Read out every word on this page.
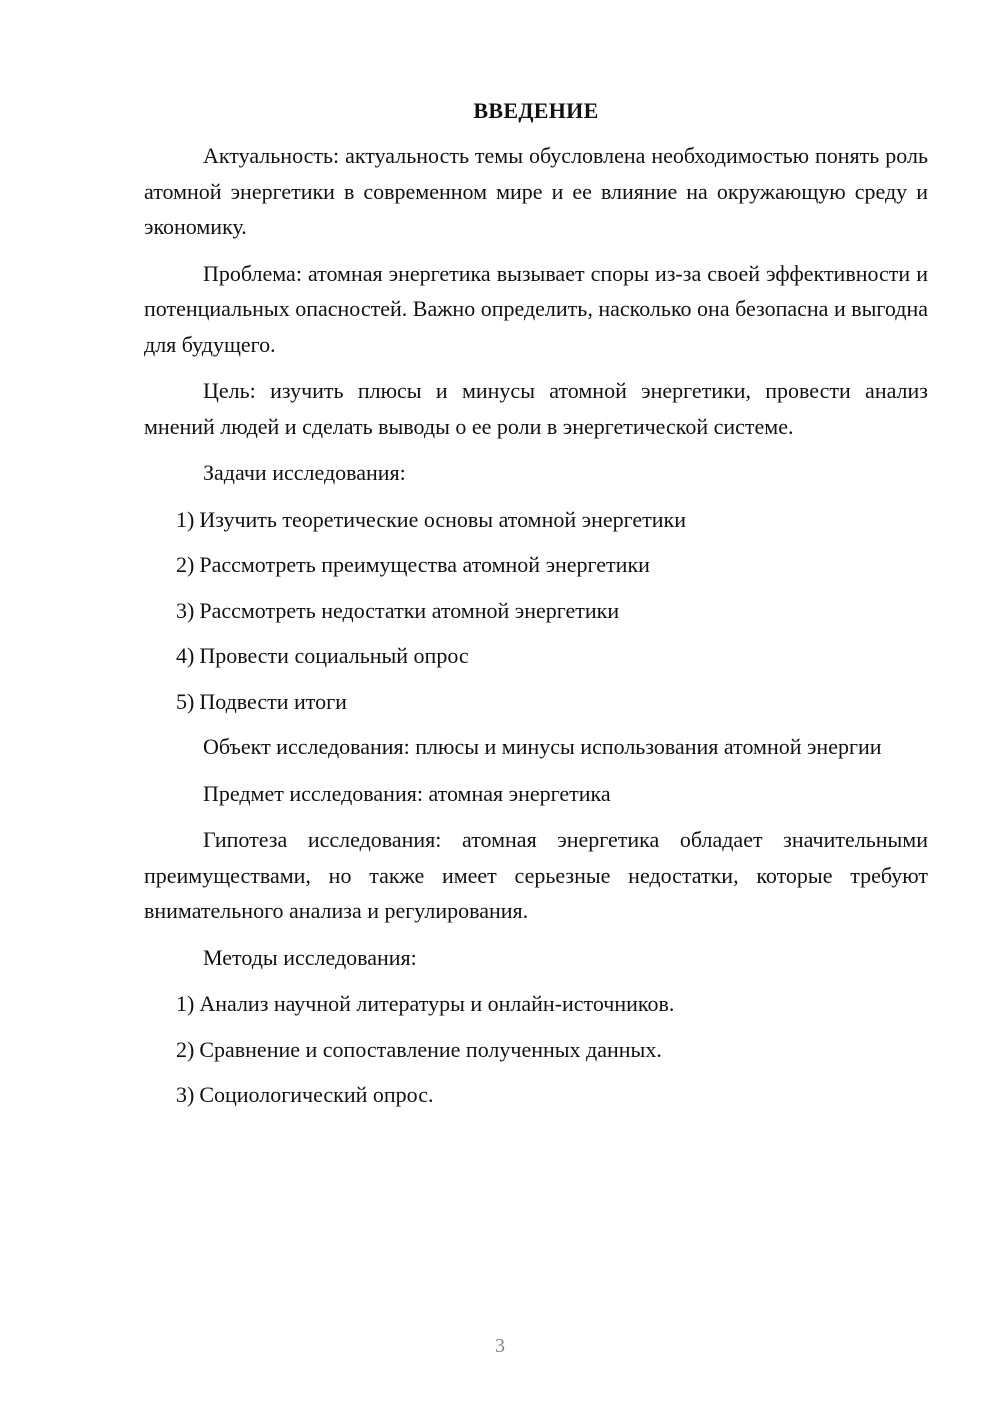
ВВЕДЕНИЕ

Актуальность: актуальность темы обусловлена необходимостью понять роль атомной энергетики в современном мире и ее влияние на окружающую среду и экономику.

Проблема: атомная энергетика вызывает споры из-за своей эффективности и потенциальных опасностей. Важно определить, насколько она безопасна и выгодна для будущего.

Цель: изучить плюсы и минусы атомной энергетики, провести анализ мнений людей и сделать выводы о ее роли в энергетической системе.

Задачи исследования:

1) Изучить теоретические основы атомной энергетики

2) Рассмотреть преимущества атомной энергетики

3) Рассмотреть недостатки атомной энергетики

4) Провести социальный опрос

5) Подвести итоги

Объект исследования: плюсы и минусы использования атомной энергии

Предмет исследования: атомная энергетика

Гипотеза исследования: атомная энергетика обладает значительными преимуществами, но также имеет серьезные недостатки, которые требуют внимательного анализа и регулирования.

Методы исследования:

1) Анализ научной литературы и онлайн-источников.

2) Сравнение и сопоставление полученных данных.

3) Социологический опрос.

3
